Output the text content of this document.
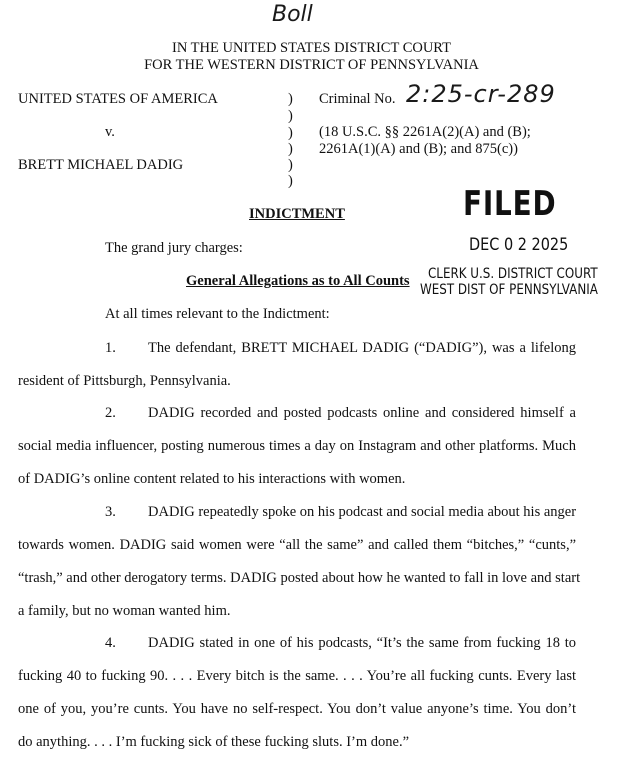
Boll
IN THE UNITED STATES DISTRICT COURT
FOR THE WESTERN DISTRICT OF PENNSYLVANIA
UNITED STATES OF AMERICA
v.
BRETT MICHAEL DADIG
)
)
)
)
)
)
Criminal No. 2:25-cr-289
(18 U.S.C. §§ 2261A(2)(A) and (B);
2261A(1)(A) and (B); and 875(c))
FILED
DEC 0 2 2025
CLERK U.S. DISTRICT COURT
WEST DIST OF PENNSYLVANIA
INDICTMENT
The grand jury charges:
General Allegations as to All Counts
At all times relevant to the Indictment:
1. The defendant, BRETT MICHAEL DADIG (“DADIG”), was a lifelong
resident of Pittsburgh, Pennsylvania.
2. DADIG recorded and posted podcasts online and considered himself a
social media influencer, posting numerous times a day on Instagram and other platforms. Much
of DADIG’s online content related to his interactions with women.
3. DADIG repeatedly spoke on his podcast and social media about his anger
towards women. DADIG said women were “all the same” and called them “bitches,” “cunts,”
“trash,” and other derogatory terms. DADIG posted about how he wanted to fall in love and start
a family, but no woman wanted him.
4. DADIG stated in one of his podcasts, “It’s the same from fucking 18 to
fucking 40 to fucking 90. . . . Every bitch is the same. . . . You’re all fucking cunts. Every last
one of you, you’re cunts. You have no self-respect. You don’t value anyone’s time. You don’t
do anything. . . . I’m fucking sick of these fucking sluts. I’m done.”
